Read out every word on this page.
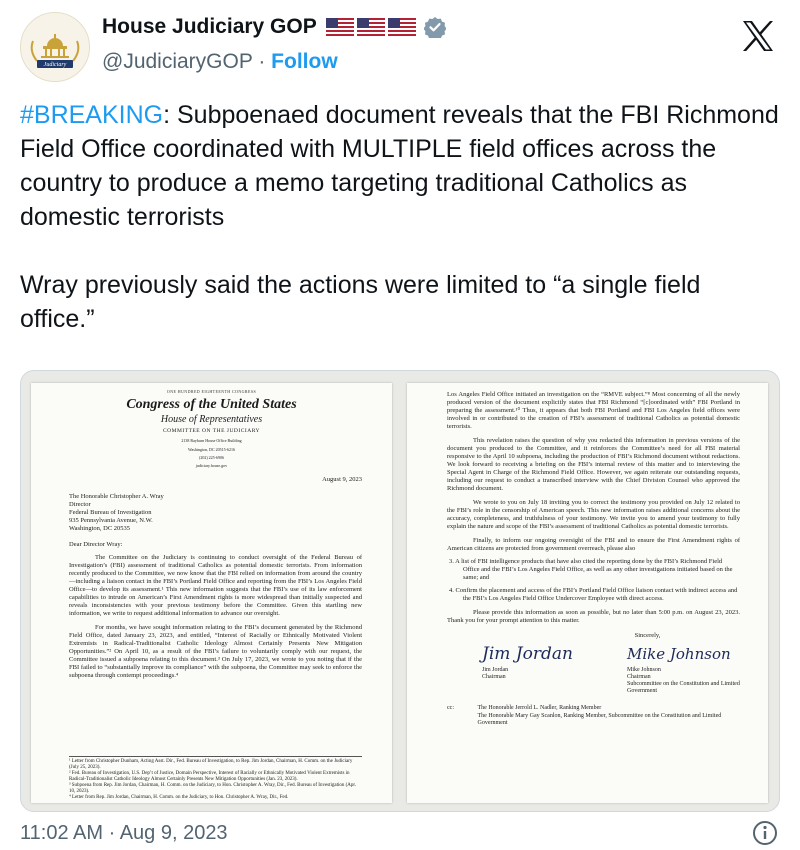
Judiciary
House Judiciary GOP
@JudiciaryGOP · Follow

#BREAKING: Subpoenaed document reveals that the FBI Richmond Field Office coordinated with MULTIPLE field offices across the country to produce a memo targeting traditional Catholics as domestic terrorists

Wray previously said the actions were limited to “a single field office.”

ONE HUNDRED EIGHTEENTH CONGRESS
Congress of the United States
House of Representatives
COMMITTEE ON THE JUDICIARY
2138 Rayburn House Office Building
Washington, DC 20515-6216
(202) 225-6906
judiciary.house.gov
August 9, 2023
The Honorable Christopher A. Wray
Director
Federal Bureau of Investigation
935 Pennsylvania Avenue, N.W.
Washington, DC 20535
Dear Director Wray:
The Committee on the Judiciary is continuing to conduct oversight of the Federal Bureau of Investigation’s (FBI) assessment of traditional Catholics as potential domestic terrorists. From information recently produced to the Committee, we now know that the FBI relied on information from around the country—including a liaison contact in the FBI’s Portland Field Office and reporting from the FBI’s Los Angeles Field Office—to develop its assessment.¹ This new information suggests that the FBI’s use of its law enforcement capabilities to intrude on American’s First Amendment rights is more widespread than initially suspected and reveals inconsistencies with your previous testimony before the Committee. Given this startling new information, we write to request additional information to advance our oversight.
For months, we have sought information relating to the FBI’s document generated by the Richmond Field Office, dated January 23, 2023, and entitled, “Interest of Racially or Ethnically Motivated Violent Extremists in Radical-Traditionalist Catholic Ideology Almost Certainly Presents New Mitigation Opportunities.”² On April 10, as a result of the FBI’s failure to voluntarily comply with our request, the Committee issued a subpoena relating to this document.³ On July 17, 2023, we wrote to you noting that if the FBI failed to “substantially improve its compliance” with the subpoena, the Committee may seek to enforce the subpoena through contempt proceedings.⁴
¹ Letter from Christopher Dunham, Acting Asst. Dir., Fed. Bureau of Investigation, to Rep. Jim Jordan, Chairman, H. Comm. on the Judiciary (July 25, 2023).
² Fed. Bureau of Investigation, U.S. Dep’t of Justice, Domain Perspective, Interest of Racially or Ethnically Motivated Violent Extremists in Radical-Traditionalist Catholic Ideology Almost Certainly Presents New Mitigation Opportunities (Jan. 23, 2023).
³ Subpoena from Rep. Jim Jordan, Chairman, H. Comm. on the Judiciary, to Hon. Christopher A. Wray, Dir., Fed. Bureau of Investigation (Apr. 10, 2023).
⁴ Letter from Rep. Jim Jordan, Chairman, H. Comm. on the Judiciary, to Hon. Christopher A. Wray, Dir., Fed.
Los Angeles Field Office initiated an investigation on the “RMVE subject.”⁸ Most concerning of all the newly produced version of the document explicitly states that FBI Richmond “[c]oordinated with” FBI Portland in preparing the assessment.¹⁰ Thus, it appears that both FBI Portland and FBI Los Angeles field offices were involved in or contributed to the creation of FBI’s assessment of traditional Catholics as potential domestic terrorists.
This revelation raises the question of why you redacted this information in previous versions of the document you produced to the Committee, and it reinforces the Committee’s need for all FBI material responsive to the April 10 subpoena, including the production of FBI’s Richmond document without redactions. We look forward to receiving a briefing on the FBI’s internal review of this matter and to interviewing the Special Agent in Charge of the Richmond Field Office. However, we again reiterate our outstanding requests, including our request to conduct a transcribed interview with the Chief Division Counsel who approved the Richmond document.
We wrote to you on July 18 inviting you to correct the testimony you provided on July 12 related to the FBI’s role in the censorship of American speech. This new information raises additional concerns about the accuracy, completeness, and truthfulness of your testimony. We invite you to amend your testimony to fully explain the nature and scope of the FBI’s assessment of traditional Catholics as potential domestic terrorists.
Finally, to inform our ongoing oversight of the FBI and to ensure the First Amendment rights of American citizens are protected from government overreach, please also
3. A list of FBI intelligence products that have also cited the reporting done by the FBI’s Richmond Field Office and the FBI’s Los Angeles Field Office, as well as any other investigations initiated based on the same; and
4. Confirm the placement and access of the FBI’s Portland Field Office liaison contact with indirect access and the FBI’s Los Angeles Field Office Undercover Employee with direct access.
Please provide this information as soon as possible, but no later than 5:00 p.m. on August 23, 2023. Thank you for your prompt attention to this matter.
Sincerely,
Jim Jordan
Jim Jordan
Chairman
Mike Johnson
Mike Johnson
Chairman
Subcommittee on the Constitution and Limited Government
cc:	The Honorable Jerrold L. Nadler, Ranking Member
The Honorable Mary Gay Scanlon, Ranking Member, Subcommittee on the Constitution and Limited Government
11:02 AM · Aug 9, 2023
